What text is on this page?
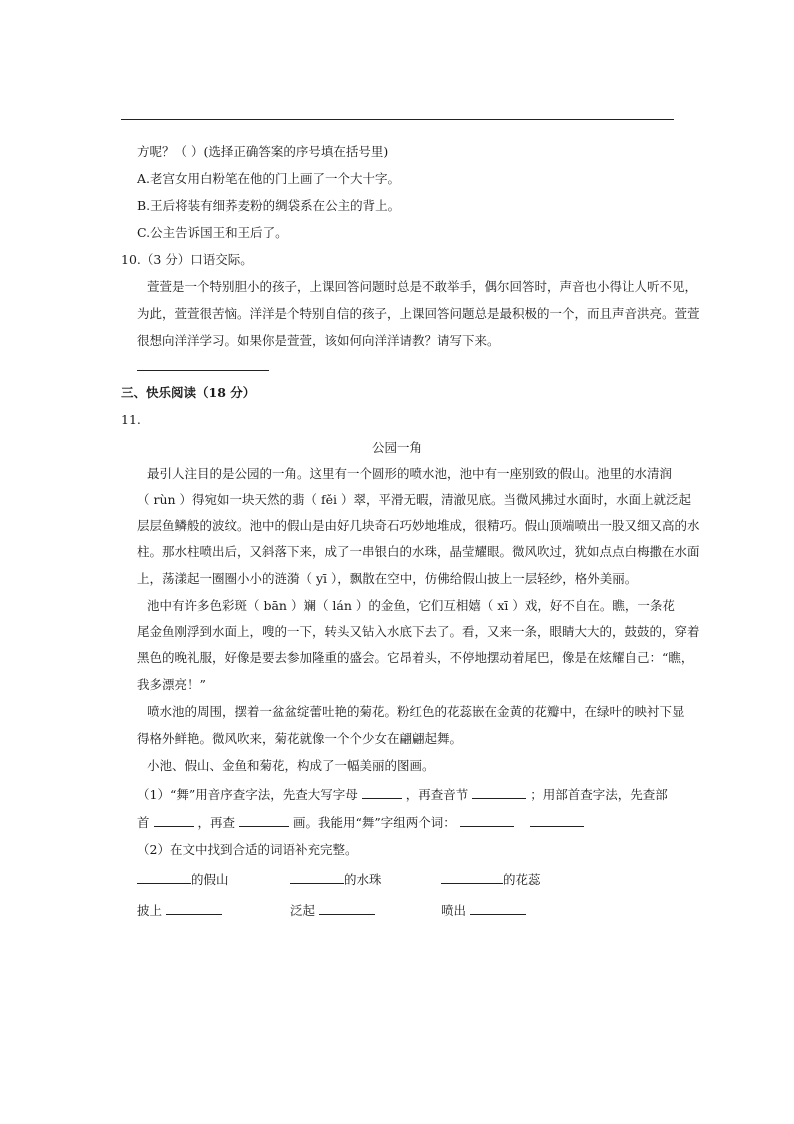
方呢？（ ）(选择正确答案的序号填在括号里)
A.老宫女用白粉笔在他的门上画了一个大十字。
B.王后将装有细荞麦粉的绸袋系在公主的背上。
C.公主告诉国王和王后了。
10.（3 分）口语交际。
萱萱是一个特别胆小的孩子，上课回答问题时总是不敢举手，偶尔回答时，声音也小得让人听不见，
为此，萱萱很苦恼。洋洋是个特别自信的孩子，上课回答问题总是最积极的一个，而且声音洪亮。萱萱
很想向洋洋学习。如果你是萱萱，该如何向洋洋请教？请写下来。
三、快乐阅读（18 分）
11.
公园一角
最引人注目的是公园的一角。这里有一个圆形的喷水池，池中有一座别致的假山。池里的水清润
（ rùn ）得宛如一块天然的翡（ fěi ）翠，平滑无暇，清澈见底。当微风拂过水面时，水面上就泛起
层层鱼鳞般的波纹。池中的假山是由好几块奇石巧妙地堆成，很精巧。假山顶端喷出一股又细又高的水
柱。那水柱喷出后，又斜落下来，成了一串银白的水珠，晶莹耀眼。微风吹过，犹如点点白梅撒在水面
上，荡漾起一圈圈小小的涟漪（ yī ），飘散在空中，仿佛给假山披上一层轻纱，格外美丽。
池中有许多色彩斑（ bān ）斓（ lán ）的金鱼，它们互相嬉（ xī ）戏，好不自在。瞧，一条花
尾金鱼刚浮到水面上，嗖的一下，转头又钻入水底下去了。看，又来一条，眼睛大大的，鼓鼓的，穿着
黑色的晚礼服，好像是要去参加隆重的盛会。它昂着头，不停地摆动着尾巴，像是在炫耀自己：“瞧，
我多漂亮！”
喷水池的周围，摆着一盆盆绽蕾吐艳的菊花。粉红色的花蕊嵌在金黄的花瓣中，在绿叶的映衬下显
得格外鲜艳。微风吹来，菊花就像一个个少女在翩翩起舞。
小池、假山、金鱼和菊花，构成了一幅美丽的图画。
（1）“舞”用音序查字法，先查大写字母	，再查音节	；用部首查字法，先查部
首	，再查	画。我能用“舞”字组两个词：
（2）在文中找到合适的词语补充完整。
的假山	的水珠	的花蕊
披上	泛起	喷出
